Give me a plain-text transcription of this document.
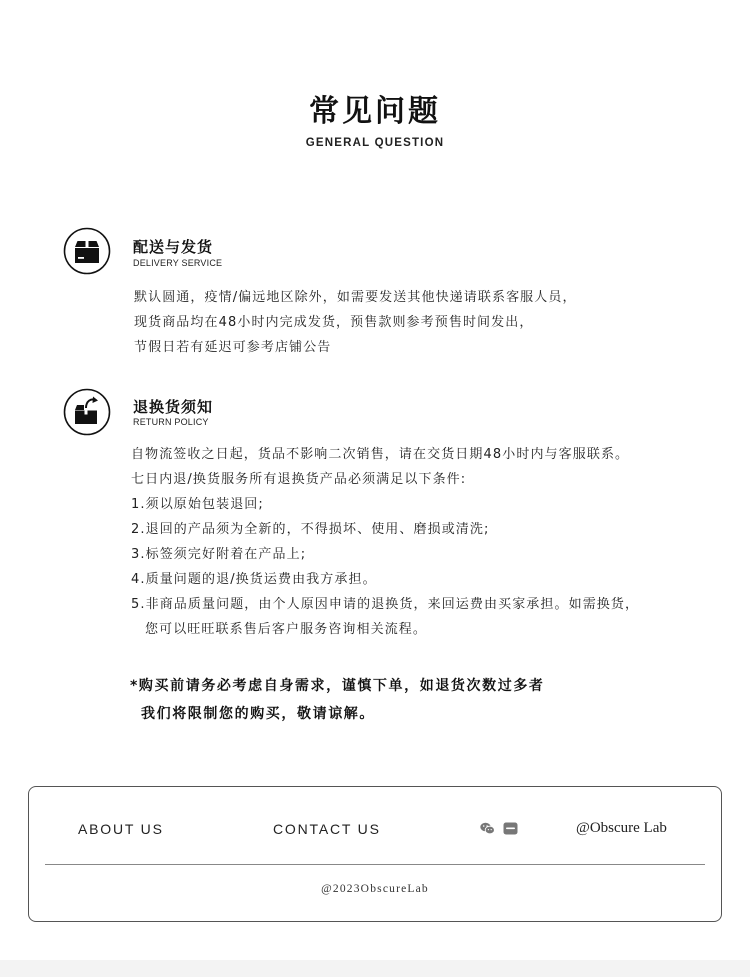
常见问题
GENERAL QUESTION
配送与发货
DELIVERY SERVICE
默认圆通，疫情/偏远地区除外，如需要发送其他快递请联系客服人员，
现货商品均在48小时内完成发货，预售款则参考预售时间发出，
节假日若有延迟可参考店铺公告
退换货须知
RETURN POLICY
自物流签收之日起，货品不影响二次销售，请在交货日期48小时内与客服联系。
七日内退/换货服务所有退换货产品必须满足以下条件:
1.须以原始包装退回;
2.退回的产品须为全新的，不得损坏、使用、磨损或清洗;
3.标签须完好附着在产品上;
4.质量问题的退/换货运费由我方承担。
5.非商品质量问题，由个人原因申请的退换货，来回运费由买家承担。如需换货，
您可以旺旺联系售后客户服务咨询相关流程。
*购买前请务必考虑自身需求，谨慎下单，如退货次数过多者
我们将限制您的购买，敬请谅解。
ABOUT US	CONTACT US	@Obscure Lab
@2023ObscureLab
